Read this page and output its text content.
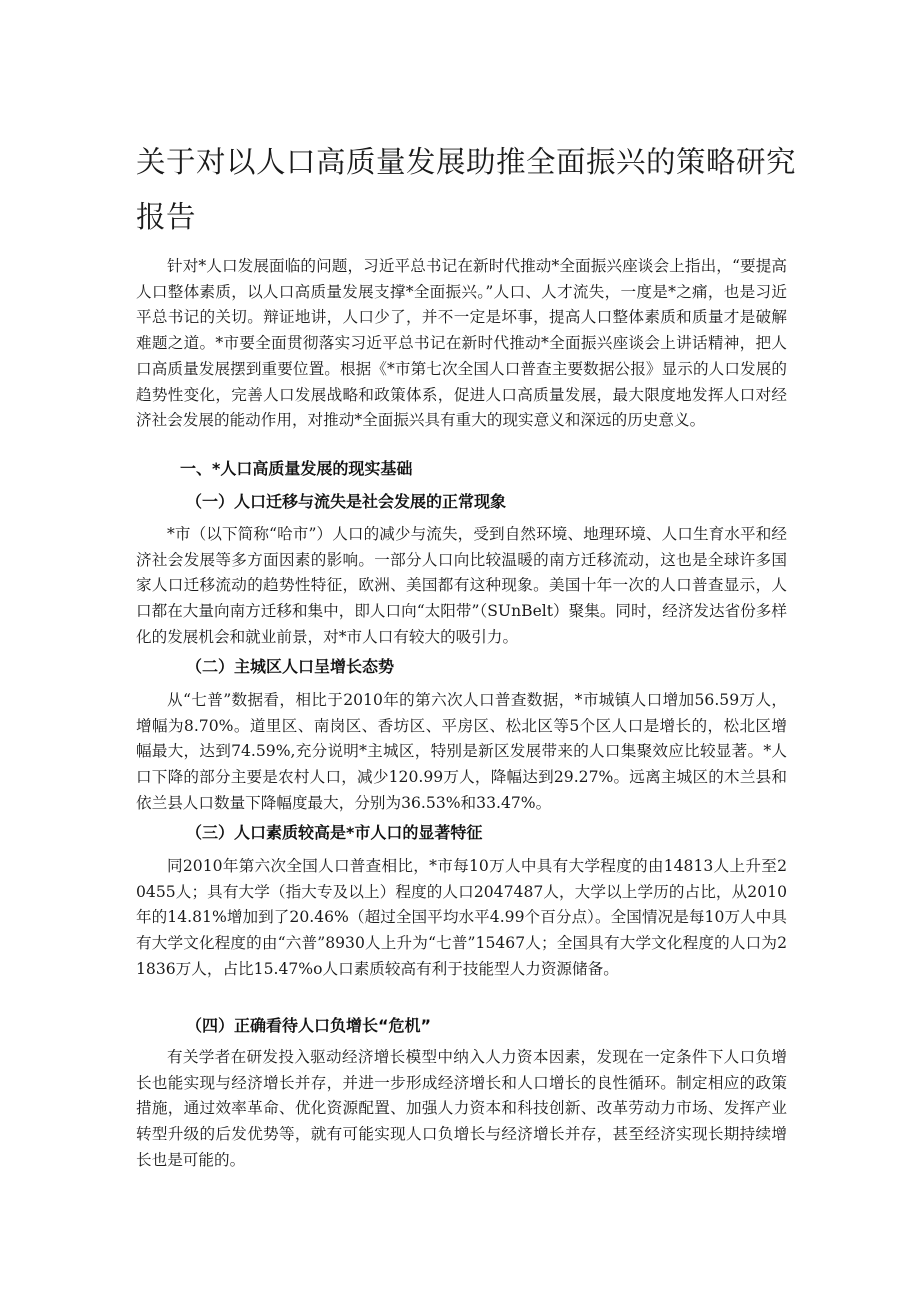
关于对以人口高质量发展助推全面振兴的策略研究报告

针对*人口发展面临的问题，习近平总书记在新时代推动*全面振兴座谈会上指出，“要提高人口整体素质，以人口高质量发展支撑*全面振兴。”人口、人才流失，一度是*之痛，也是习近平总书记的关切。辩证地讲，人口少了，并不一定是坏事，提高人口整体素质和质量才是破解难题之道。*市要全面贯彻落实习近平总书记在新时代推动*全面振兴座谈会上讲话精神，把人口高质量发展摆到重要位置。根据《*市第七次全国人口普查主要数据公报》显示的人口发展的趋势性变化，完善人口发展战略和政策体系，促进人口高质量发展，最大限度地发挥人口对经济社会发展的能动作用，对推动*全面振兴具有重大的现实意义和深远的历史意义。

一、*人口高质量发展的现实基础
（一）人口迁移与流失是社会发展的正常现象

*市（以下简称“哈市”）人口的减少与流失，受到自然环境、地理环境、人口生育水平和经济社会发展等多方面因素的影响。一部分人口向比较温暖的南方迁移流动，这也是全球许多国家人口迁移流动的趋势性特征，欧洲、美国都有这种现象。美国十年一次的人口普查显示，人口都在大量向南方迁移和集中，即人口向“太阳带”（SUnBelt）聚集。同时，经济发达省份多样化的发展机会和就业前景，对*市人口有较大的吸引力。

（二）主城区人口呈增长态势

从“七普”数据看，相比于2010年的第六次人口普查数据，*市城镇人口增加56.59万人，增幅为8.70%。道里区、南岗区、香坊区、平房区、松北区等5个区人口是增长的，松北区增幅最大，达到74.59%,充分说明*主城区，特别是新区发展带来的人口集聚效应比较显著。*人口下降的部分主要是农村人口，减少120.99万人，降幅达到29.27%。远离主城区的木兰县和依兰县人口数量下降幅度最大，分别为36.53%和33.47%。

（三）人口素质较高是*市人口的显著特征

同2010年第六次全国人口普查相比，*市每10万人中具有大学程度的由14813人上升至20455人；具有大学（指大专及以上）程度的人口2047487人，大学以上学历的占比，从2010年的14.81%增加到了20.46%（超过全国平均水平4.99个百分点）。全国情况是每10万人中具有大学文化程度的由“六普”8930人上升为“七普”15467人；全国具有大学文化程度的人口为21836万人，占比15.47%o人口素质较高有利于技能型人力资源储备。

（四）正确看待人口负增长“危机”

有关学者在研发投入驱动经济增长模型中纳入人力资本因素，发现在一定条件下人口负增长也能实现与经济增长并存，并进一步形成经济增长和人口增长的良性循环。制定相应的政策措施，通过效率革命、优化资源配置、加强人力资本和科技创新、改革劳动力市场、发挥产业转型升级的后发优势等，就有可能实现人口负增长与经济增长并存，甚至经济实现长期持续增长也是可能的。
